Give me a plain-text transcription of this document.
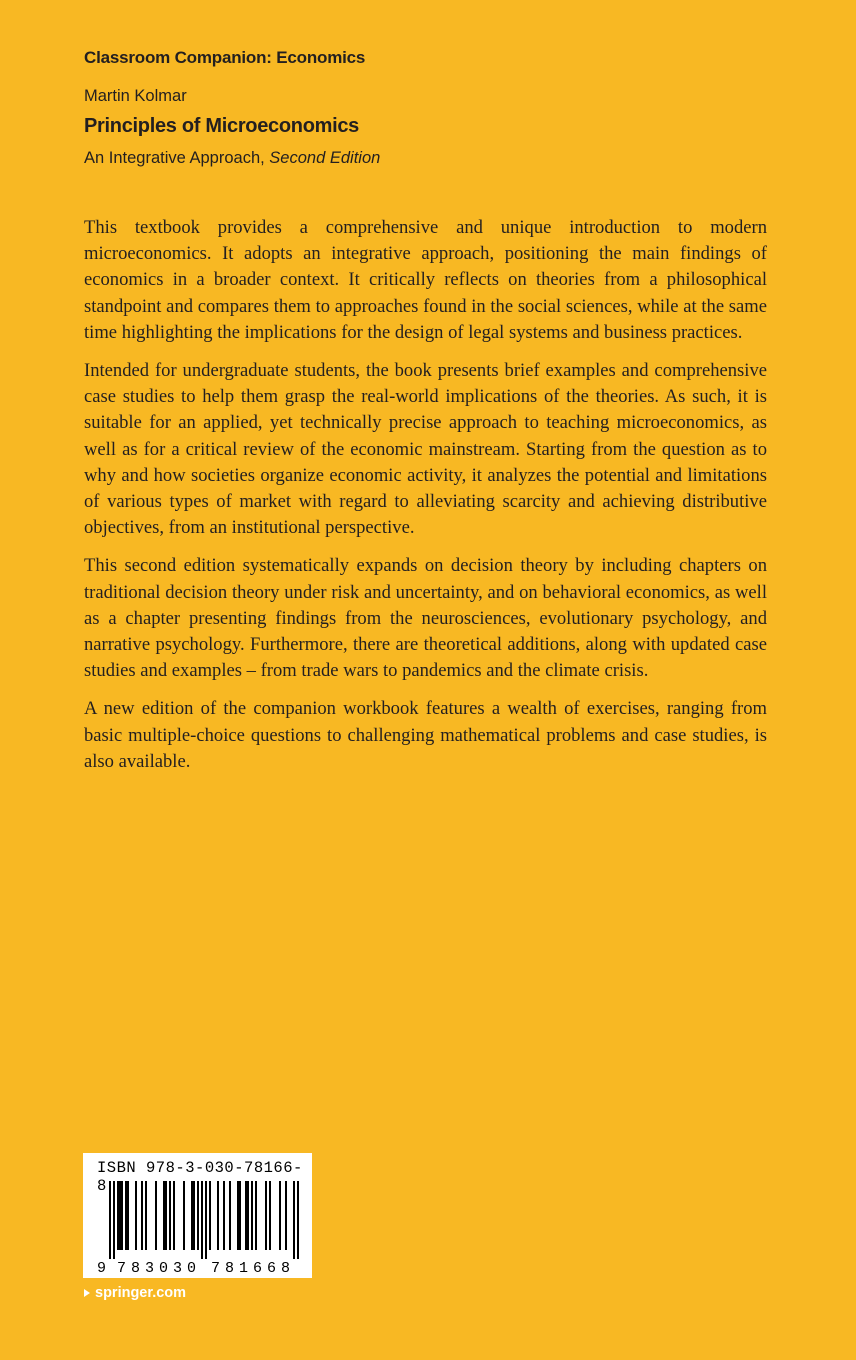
Classroom Companion: Economics
Martin Kolmar
Principles of Microeconomics
An Integrative Approach, Second Edition

This textbook provides a comprehensive and unique introduction to modern microeconomics. It adopts an integrative approach, positioning the main findings of economics in a broader context. It critically reflects on theories from a philosophical standpoint and compares them to approaches found in the social sciences, while at the same time highlighting the implications for the design of legal systems and business practices.

Intended for undergraduate students, the book presents brief examples and comprehensive case studies to help them grasp the real-world implications of the theories. As such, it is suitable for an applied, yet technically precise approach to teaching microeconomics, as well as for a critical review of the economic mainstream. Starting from the question as to why and how societies organize economic activity, it analyzes the potential and limitations of various types of market with regard to alleviating scarcity and achieving distributive objectives, from an institutional perspective.

This second edition systematically expands on decision theory by including chapters on traditional decision theory under risk and uncertainty, and on behavioral economics, as well as a chapter presenting findings from the neurosciences, evolutionary psychology, and narrative psychology. Furthermore, there are theoretical additions, along with updated case studies and examples – from trade wars to pandemics and the climate crisis.

A new edition of the companion workbook features a wealth of exercises, ranging from basic multiple-choice questions to challenging mathematical problems and case studies, is also available.

ISBN 978-3-030-78166-8
9 7 8 3 0 3 0 7 8 1 6 6 8
springer.com
